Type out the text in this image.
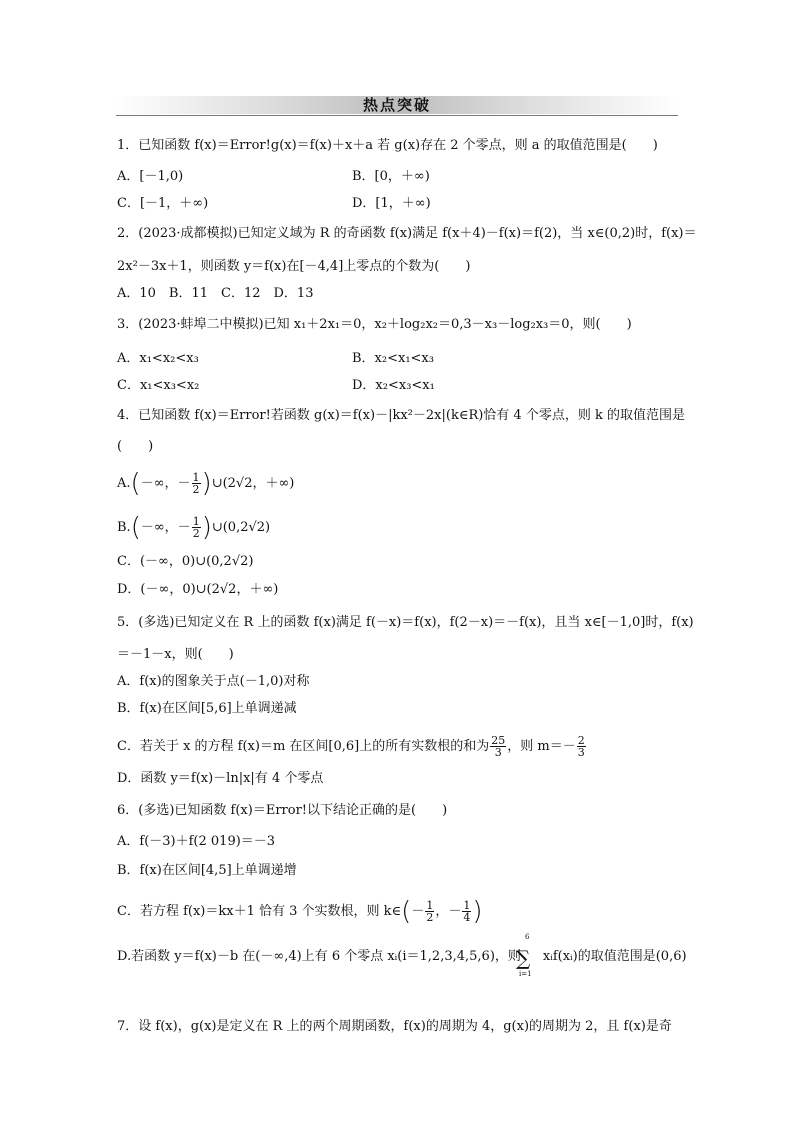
热点突破
1．已知函数 f(x)＝Error!g(x)＝f(x)＋x＋a 若 g(x)存在 2 个零点，则 a 的取值范围是(　　)
A．[－1,0)	B．[0，＋∞)
C．[－1，＋∞)	D．[1，＋∞)
2．(2023·成都模拟)已知定义域为 R 的奇函数 f(x)满足 f(x＋4)－f(x)＝f(2)，当 x∈(0,2)时，f(x)＝
2x²－3x＋1，则函数 y＝f(x)在[－4,4]上零点的个数为(　　)
A．10　B．11　C．12　D．13
3．(2023·蚌埠二中模拟)已知 x₁＋2x₁＝0，x₂＋log₂x₂＝0,3－x₃－log₂x₃＝0，则(　　)
A．x₁<x₂<x₃	B．x₂<x₁<x₃
C．x₁<x₃<x₂	D．x₂<x₃<x₁
4．已知函数 f(x)＝Error!若函数 g(x)＝f(x)－|kx²－2x|(k∈R)恰有 4 个零点，则 k 的取值范围是
(　　)
A.(－∞，－ $\frac{1}{2}$ )∪(2√2，＋∞)
B.(－∞，－ $\frac{1}{2}$ )∪(0,2√2)
C．(－∞，0)∪(0,2√2)
D．(－∞，0)∪(2√2，＋∞)
5．(多选)已知定义在 R 上的函数 f(x)满足 f(－x)＝f(x)，f(2－x)＝－f(x)，且当 x∈[－1,0]时，f(x)
＝－1－x，则(　　)
A．f(x)的图象关于点(－1,0)对称
B．f(x)在区间[5,6]上单调递减
C．若关于 x 的方程 f(x)＝m 在区间[0,6]上的所有实数根的和为 $\frac{25}{3}$ ，则 $m=- \frac{2}{3}$
D．函数 y＝f(x)－ln|x|有 4 个零点
6．(多选)已知函数 f(x)＝Error!以下结论正确的是(　　)
A．f(－3)＋f(2 019)＝－3
B．f(x)在区间[4,5]上单调递增
C．若方程 f(x)＝kx＋1 恰有 3 个实数根，则 k∈(－ $\frac{1}{2}$ ，－ $\frac{1}{4}$ )
D.若函数 y＝f(x)－b 在(－∞,4)上有 6 个零点 xᵢ(i＝1,2,3,4,5,6)，则 xᵢf(xᵢ)的取值范围是(0,6)
∑
6
i=1
7．设 f(x)，g(x)是定义在 R 上的两个周期函数，f(x)的周期为 4，g(x)的周期为 2，且 f(x)是奇
